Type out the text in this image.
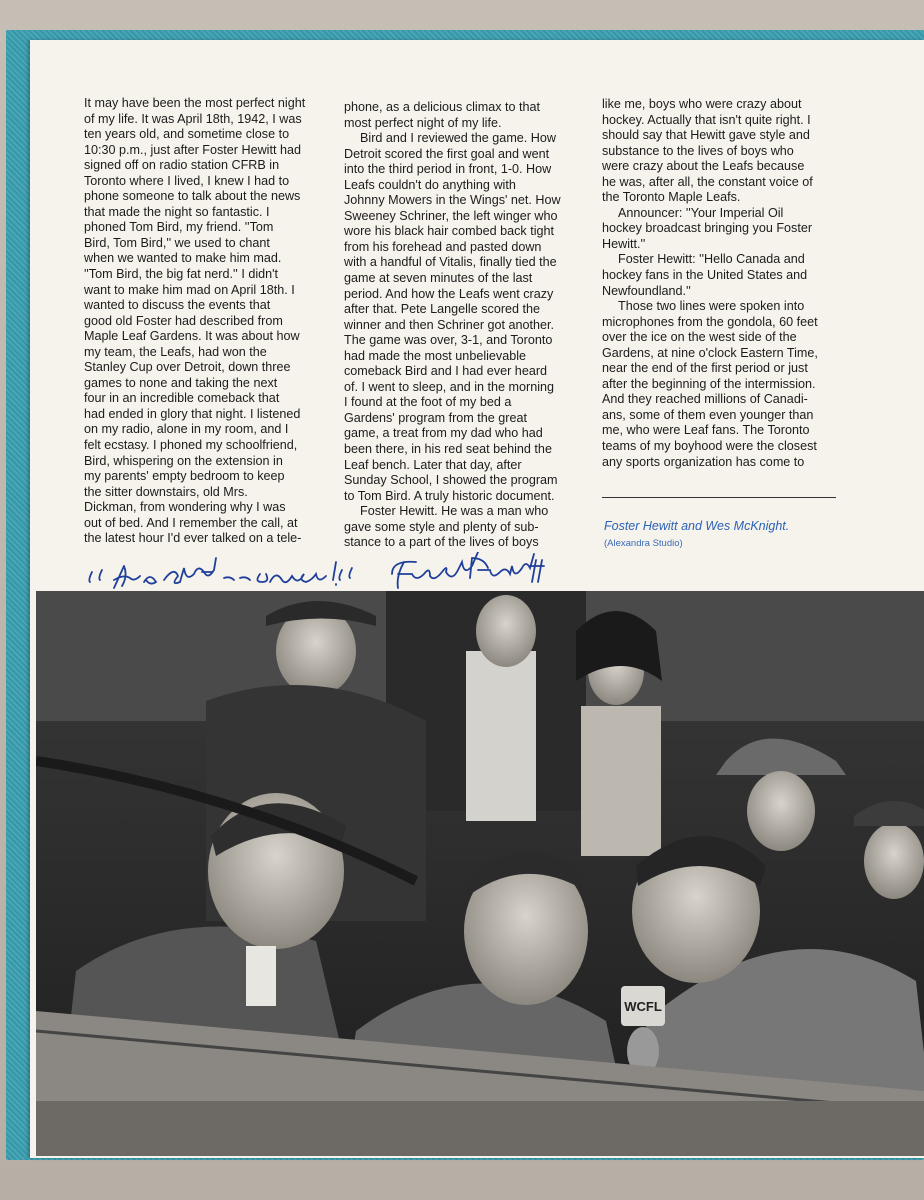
It may have been the most perfect night

of my life. It was April 18th, 1942, I was

ten years old, and sometime close to

10:30 p.m., just after Foster Hewitt had

signed off on radio station CFRB in

Toronto where I lived, I knew I had to

phone someone to talk about the news

that made the night so fantastic. I

phoned Tom Bird, my friend. ''Tom

Bird, Tom Bird,'' we used to chant

when we wanted to make him mad.

''Tom Bird, the big fat nerd.'' I didn't

want to make him mad on April 18th. I

wanted to discuss the events that

good old Foster had described from

Maple Leaf Gardens. It was about how

my team, the Leafs, had won the

Stanley Cup over Detroit, down three

games to none and taking the next

four in an incredible comeback that

had ended in glory that night. I listened

on my radio, alone in my room, and I

felt ecstasy. I phoned my schoolfriend,

Bird, whispering on the extension in

my parents' empty bedroom to keep

the sitter downstairs, old Mrs.

Dickman, from wondering why I was

out of bed. And I remember the call, at

the latest hour I'd ever talked on a tele-

phone, as a delicious climax to that

most perfect night of my life.

Bird and I reviewed the game. How

Detroit scored the first goal and went

into the third period in front, 1-0. How

Leafs couldn't do anything with

Johnny Mowers in the Wings' net. How

Sweeney Schriner, the left winger who

wore his black hair combed back tight

from his forehead and pasted down

with a handful of Vitalis, finally tied the

game at seven minutes of the last

period. And how the Leafs went crazy

after that. Pete Langelle scored the

winner and then Schriner got another.

The game was over, 3-1, and Toronto

had made the most unbelievable

comeback Bird and I had ever heard

of. I went to sleep, and in the morning

I found at the foot of my bed a

Gardens' program from the great

game, a treat from my dad who had

been there, in his red seat behind the

Leaf bench. Later that day, after

Sunday School, I showed the program

to Tom Bird. A truly historic document.

Foster Hewitt. He was a man who

gave some style and plenty of sub-

stance to a part of the lives of boys

like me, boys who were crazy about

hockey. Actually that isn't quite right. I

should say that Hewitt gave style and

substance to the lives of boys who

were crazy about the Leafs because

he was, after all, the constant voice of

the Toronto Maple Leafs.

Announcer: ''Your Imperial Oil

hockey broadcast bringing you Foster

Hewitt.''

Foster Hewitt: ''Hello Canada and

hockey fans in the United States and

Newfoundland.''

Those two lines were spoken into

microphones from the gondola, 60 feet

over the ice on the west side of the

Gardens, at nine o'clock Eastern Time,

near the end of the first period or just

after the beginning of the intermission.

And they reached millions of Canadi-

ans, some of them even younger than

me, who were Leaf fans. The Toronto

teams of my boyhood were the closest

any sports organization has come to

Foster Hewitt and Wes McKnight.
(Alexandra Studio)
WCFL
